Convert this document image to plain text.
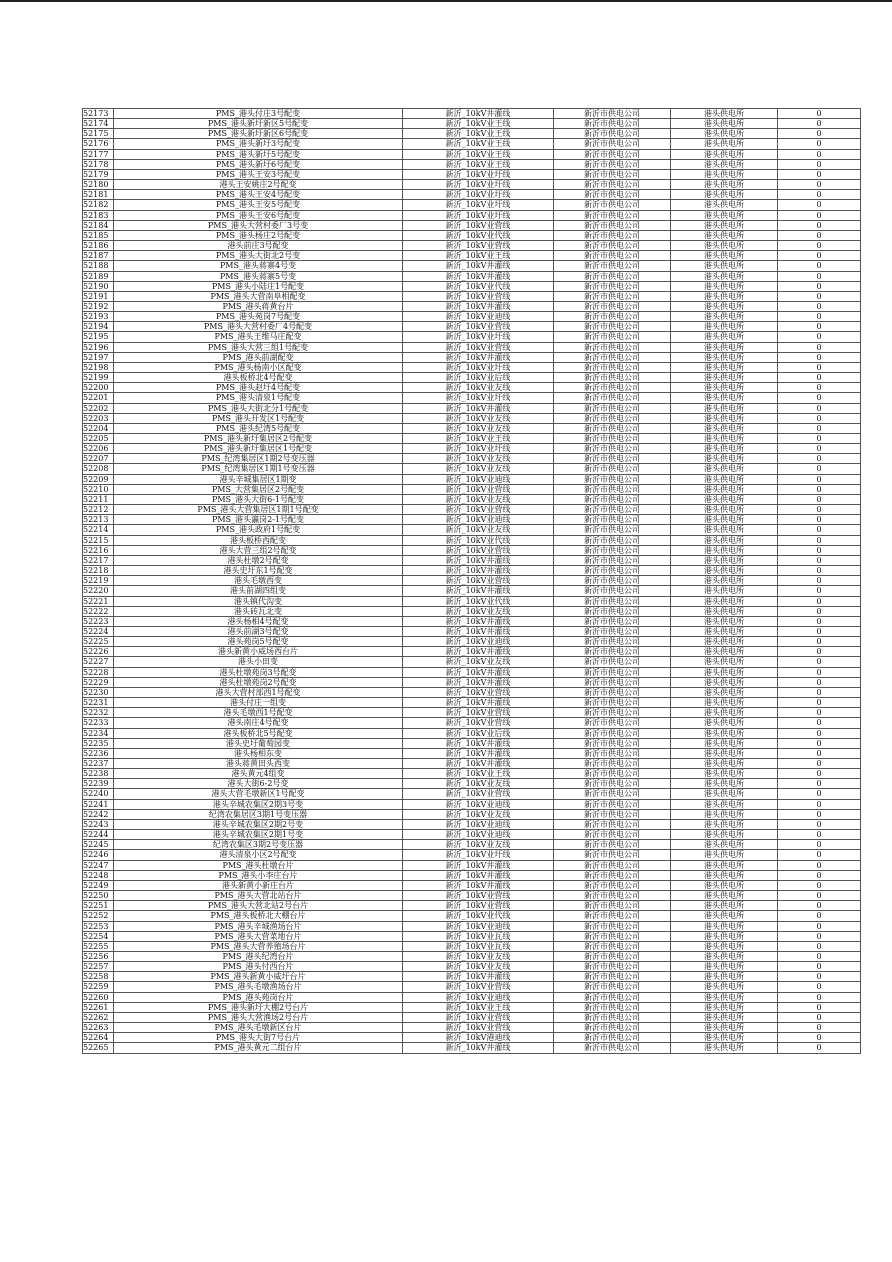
52173	PMS_港头付庄3号配变	新沂_10kV井灌线	新沂市供电公司	港头供电所	0
52174	PMS_港头新圩新区5号配变	新沂_10kV业王线	新沂市供电公司	港头供电所	0
52175	PMS_港头新圩新区6号配变	新沂_10kV业王线	新沂市供电公司	港头供电所	0
52176	PMS_港头新圩3号配变	新沂_10kV业王线	新沂市供电公司	港头供电所	0
52177	PMS_港头新圩5号配变	新沂_10kV业王线	新沂市供电公司	港头供电所	0
52178	PMS_港头新圩6号配变	新沂_10kV业王线	新沂市供电公司	港头供电所	0
52179	PMS_港头王安3号配变	新沂_10kV业圩线	新沂市供电公司	港头供电所	0
52180	港头王安姚庄2号配变	新沂_10kV业圩线	新沂市供电公司	港头供电所	0
52181	PMS_港头王安4号配变	新沂_10kV业圩线	新沂市供电公司	港头供电所	0
52182	PMS_港头王安5号配变	新沂_10kV业圩线	新沂市供电公司	港头供电所	0
52183	PMS_港头王安6号配变	新沂_10kV业圩线	新沂市供电公司	港头供电所	0
52184	PMS_港头大营村委厂3号变	新沂_10kV业营线	新沂市供电公司	港头供电所	0
52185	PMS_港头杨庄2号配变	新沂_10kV业代线	新沂市供电公司	港头供电所	0
52186	港头前庄3号配变	新沂_10kV业营线	新沂市供电公司	港头供电所	0
52187	PMS_港头大街北2号变	新沂_10kV业王线	新沂市供电公司	港头供电所	0
52188	PMS_港头蒋寨4号变	新沂_10kV井灌线	新沂市供电公司	港头供电所	0
52189	PMS_港头蒋寨5号变	新沂_10kV井灌线	新沂市供电公司	港头供电所	0
52190	PMS_港头小陆庄1号配变	新沂_10kV业代线	新沂市供电公司	港头供电所	0
52191	PMS_港头大营南阜相配变	新沂_10kV业营线	新沂市供电公司	港头供电所	0
52192	PMS_港头蒋黄台片	新沂_10kV井灌线	新沂市供电公司	港头供电所	0
52193	PMS_港头苑岗7号配变	新沂_10kV业迪线	新沂市供电公司	港头供电所	0
52194	PMS_港头大营村委厂4号配变	新沂_10kV业营线	新沂市供电公司	港头供电所	0
52195	PMS_港头王维马庄配变	新沂_10kV业圩线	新沂市供电公司	港头供电所	0
52196	PMS_港头大营三组1号配变	新沂_10kV业营线	新沂市供电公司	港头供电所	0
52197	PMS_港头前湖配变	新沂_10kV井灌线	新沂市供电公司	港头供电所	0
52198	PMS_港头杨南小区配变	新沂_10kV业圩线	新沂市供电公司	港头供电所	0
52199	港头板桥北4号配变	新沂_10kV业后线	新沂市供电公司	港头供电所	0
52200	PMS_港头赵圩4号配变	新沂_10kV业友线	新沂市供电公司	港头供电所	0
52201	PMS_港头清泉1号配变	新沂_10kV业圩线	新沂市供电公司	港头供电所	0
52202	PMS_港头大街北分1号配变	新沂_10kV井灌线	新沂市供电公司	港头供电所	0
52203	PMS_港头开发区1号配变	新沂_10kV业友线	新沂市供电公司	港头供电所	0
52204	PMS_港头纪湾5号配变	新沂_10kV业友线	新沂市供电公司	港头供电所	0
52205	PMS_港头新圩集居区2号配变	新沂_10kV业王线	新沂市供电公司	港头供电所	0
52206	PMS_港头新圩集居区1号配变	新沂_10kV业圩线	新沂市供电公司	港头供电所	0
52207	PMS_纪湾集居区1期2号变压器	新沂_10kV业友线	新沂市供电公司	港头供电所	0
52208	PMS_纪湾集居区1期1号变压器	新沂_10kV业友线	新沂市供电公司	港头供电所	0
52209	港头辛城集居区1期变	新沂_10kV业迪线	新沂市供电公司	港头供电所	0
52210	PMS_大营集居区2号配变	新沂_10kV业营线	新沂市供电公司	港头供电所	0
52211	PMS_港头大街6-1号配变	新沂_10kV业友线	新沂市供电公司	港头供电所	0
52212	PMS_港头大营集居区1期1号配变	新沂_10kV业营线	新沂市供电公司	港头供电所	0
52213	PMS_港头瀛岗2-1号配变	新沂_10kV业迪线	新沂市供电公司	港头供电所	0
52214	PMS_港头政府1号配变	新沂_10kV业友线	新沂市供电公司	港头供电所	0
52215	港头板桥西配变	新沂_10kV业代线	新沂市供电公司	港头供电所	0
52216	港头大营三组2号配变	新沂_10kV业营线	新沂市供电公司	港头供电所	0
52217	港头杜墩2号配变	新沂_10kV井灌线	新沂市供电公司	港头供电所	0
52218	港头史圩东1号配变	新沂_10kV井灌线	新沂市供电公司	港头供电所	0
52219	港头毛墩西变	新沂_10kV业营线	新沂市供电公司	港头供电所	0
52220	港头前湖四组变	新沂_10kV井灌线	新沂市供电公司	港头供电所	0
52221	港头镇代沟变	新沂_10kV业代线	新沂市供电公司	港头供电所	0
52222	港头砖瓦北变	新沂_10kV业友线	新沂市供电公司	港头供电所	0
52223	港头杨相4号配变	新沂_10kV井灌线	新沂市供电公司	港头供电所	0
52224	港头前湖3号配变	新沂_10kV井灌线	新沂市供电公司	港头供电所	0
52225	港头苑岗5号配变	新沂_10kV业迪线	新沂市供电公司	港头供电所	0
52226	港头新黄小威场西台片	新沂_10kV井灌线	新沂市供电公司	港头供电所	0
52227	港头小田变	新沂_10kV业友线	新沂市供电公司	港头供电所	0
52228	港头杜墩苑岗3号配变	新沂_10kV井灌线	新沂市供电公司	港头供电所	0
52229	港头杜墩苑岗2号配变	新沂_10kV井灌线	新沂市供电公司	港头供电所	0
52230	港头大营村部西1号配变	新沂_10kV业营线	新沂市供电公司	港头供电所	0
52231	港头付庄一组变	新沂_10kV井灌线	新沂市供电公司	港头供电所	0
52232	港头毛墩西1号配变	新沂_10kV业营线	新沂市供电公司	港头供电所	0
52233	港头南庄4号配变	新沂_10kV业营线	新沂市供电公司	港头供电所	0
52234	港头板桥北5号配变	新沂_10kV业后线	新沂市供电公司	港头供电所	0
52235	港头史圩葡萄园变	新沂_10kV井灌线	新沂市供电公司	港头供电所	0
52236	港头杨相东变	新沂_10kV井灌线	新沂市供电公司	港头供电所	0
52237	港头蒋黄田头西变	新沂_10kV井灌线	新沂市供电公司	港头供电所	0
52238	港头黄元4组变	新沂_10kV业王线	新沂市供电公司	港头供电所	0
52239	港头大街6-2号变	新沂_10kV业友线	新沂市供电公司	港头供电所	0
52240	港头大营毛墩新区1号配变	新沂_10kV业营线	新沂市供电公司	港头供电所	0
52241	港头辛城农集区2期3号变	新沂_10kV业迪线	新沂市供电公司	港头供电所	0
52242	纪湾农集居区3期1号变压器	新沂_10kV业友线	新沂市供电公司	港头供电所	0
52243	港头辛城农集区2期2号变	新沂_10kV业迪线	新沂市供电公司	港头供电所	0
52244	港头辛城农集区2期1号变	新沂_10kV业迪线	新沂市供电公司	港头供电所	0
52245	纪湾农集区3期2号变压器	新沂_10kV业友线	新沂市供电公司	港头供电所	0
52246	港头清泉小区2号配变	新沂_10kV业圩线	新沂市供电公司	港头供电所	0
52247	PMS_港头杜墩台片	新沂_10kV井灌线	新沂市供电公司	港头供电所	0
52248	PMS_港头小李庄台片	新沂_10kV井灌线	新沂市供电公司	港头供电所	0
52249	港头新黄小新庄台片	新沂_10kV井灌线	新沂市供电公司	港头供电所	0
52250	PMS_港头大营北站台片	新沂_10kV业营线	新沂市供电公司	港头供电所	0
52251	PMS_港头大营北站2号台片	新沂_10kV业营线	新沂市供电公司	港头供电所	0
52252	PMS_港头板桥北大棚台片	新沂_10kV业代线	新沂市供电公司	港头供电所	0
52253	PMS_港头辛城渔场台片	新沂_10kV业迪线	新沂市供电公司	港头供电所	0
52254	PMS_港头大营菜地台片	新沂_10kV业瓦线	新沂市供电公司	港头供电所	0
52255	PMS_港头大营养殖场台片	新沂_10kV业瓦线	新沂市供电公司	港头供电所	0
52256	PMS_港头纪湾台片	新沂_10kV业友线	新沂市供电公司	港头供电所	0
52257	PMS_港头付西台片	新沂_10kV业友线	新沂市供电公司	港头供电所	0
52258	PMS_港头新黄小威圩台片	新沂_10kV井灌线	新沂市供电公司	港头供电所	0
52259	PMS_港头毛墩渔场台片	新沂_10kV业营线	新沂市供电公司	港头供电所	0
52260	PMS_港头苑岗台片	新沂_10kV业迪线	新沂市供电公司	港头供电所	0
52261	PMS_港头新圩大棚2号台片	新沂_10kV业王线	新沂市供电公司	港头供电所	0
52262	PMS_港头大营渔场2号台片	新沂_10kV业营线	新沂市供电公司	港头供电所	0
52263	PMS_港头毛墩新区台片	新沂_10kV业营线	新沂市供电公司	港头供电所	0
52264	PMS_港头大街7号台片	新沂_10kV港迪线	新沂市供电公司	港头供电所	0
52265	PMS_港头黄元二组台片	新沂_10kV井灌线	新沂市供电公司	港头供电所	0
